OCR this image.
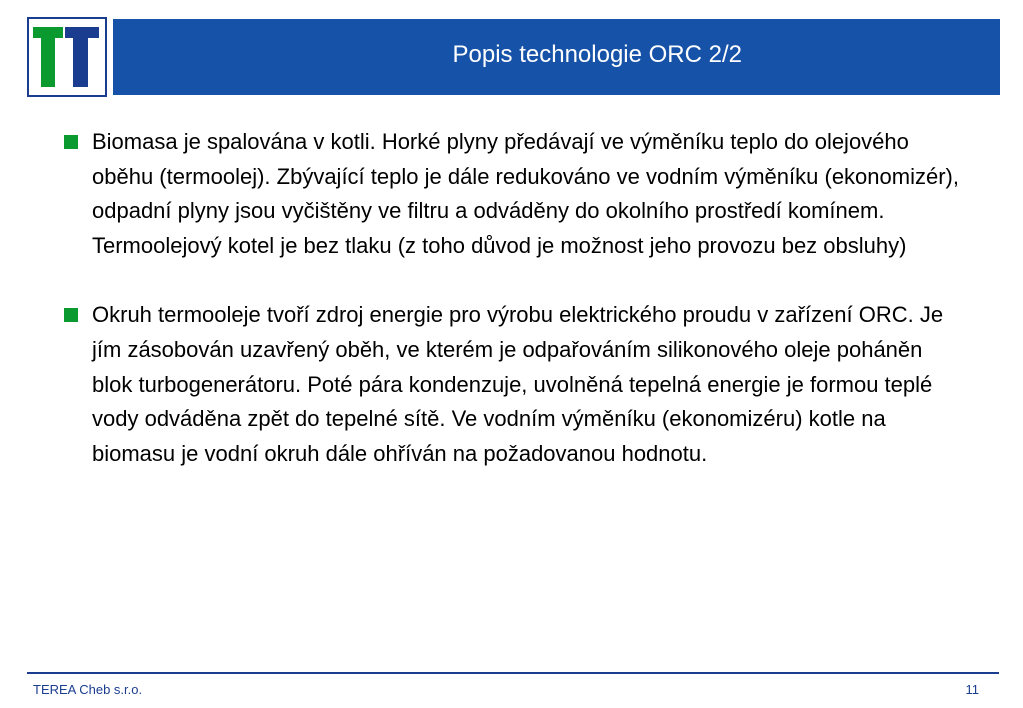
Popis technologie ORC 2/2
Biomasa je spalována v kotli. Horké plyny předávají ve výměníku teplo do olejového oběhu (termoolej). Zbývající teplo je dále redukováno ve vodním výměníku (ekonomizér), odpadní plyny jsou vyčištěny ve filtru a odváděny do okolního prostředí komínem. Termoolejový kotel je bez tlaku (z toho důvod je možnost jeho provozu bez obsluhy)
Okruh termooleje tvoří zdroj energie pro výrobu elektrického proudu v zařízení ORC. Je jím zásobován uzavřený oběh, ve kterém je odpařováním silikonového oleje poháněn blok turbogenerátoru. Poté pára kondenzuje, uvolněná tepelná energie je formou teplé vody odváděna zpět do tepelné sítě. Ve vodním výměníku (ekonomizéru) kotle na biomasu je vodní okruh dále ohříván na požadovanou hodnotu.
TEREA Cheb s.r.o.	11
